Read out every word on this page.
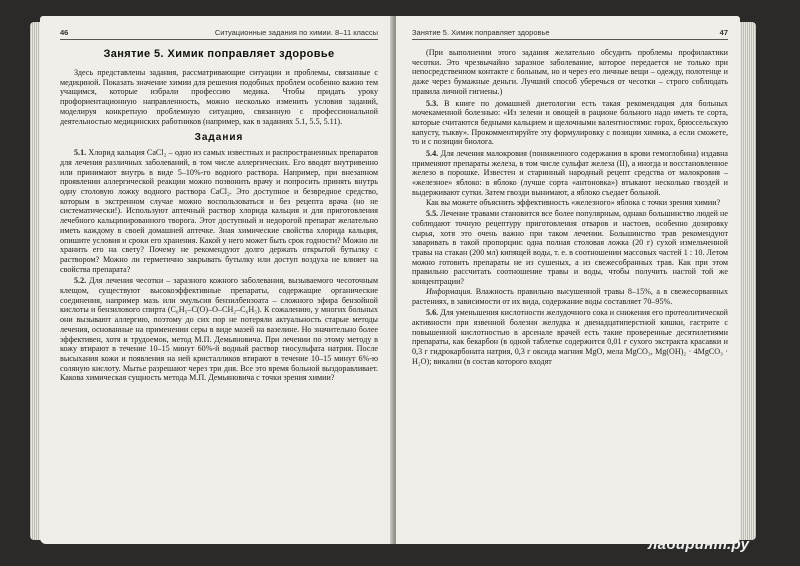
46	Ситуационные задания по химии. 8–11 классы
Занятие 5. Химик поправляет здоровье

Здесь представлены задания, рассматривающие ситуации и проблемы, связанные с медициной. Показать значение химии для решения подобных проблем особенно важно тем учащимся, которые избрали профессию медика. Чтобы придать уроку профориентационную направленность, можно несколько изменить условия заданий, моделируя конкретную проблемную ситуацию, связанную с профессиональной деятельностью медицинских работников (например, как в заданиях 5.1, 5.5, 5.11).

Задания

5.1. Хлорид кальция CaCl₂ – одно из самых известных и распространенных препаратов для лечения различных заболеваний, в том числе аллергических. Его вводят внутривенно или принимают внутрь в виде 5–10%-го водного раствора. Например, при внезапном проявлении аллергической реакции можно позвонить врачу и попросить принять внутрь одну столовую ложку водного раствора CaCl₂. Это доступное и безвредное средство, которым в экстренном случае можно воспользоваться и без рецепта врача (но не систематически!). Используют аптечный раствор хлорида кальция и для приготовления лечебного кальцинированного творога. Этот доступный и недорогой препарат желательно иметь каждому в своей домашней аптечке. Зная химические свойства хлорида кальция, опишите условия и сроки его хранения. Какой у него может быть срок годности? Можно ли хранить его на свету? Почему не рекомендуют долго держать открытой бутылку с раствором? Можно ли герметично закрывать бутылку или доступ воздуха не влияет на свойства препарата?

5.2. Для лечения чесотки – заразного кожного заболевания, вызываемого чесоточным клещом, существуют высокоэффективные препараты, содержащие органические соединения, например мазь или эмульсия бензилбензоата – сложного эфира бензойной кислоты и бензилового спирта (C₆H₅–C(O)–O–CH₂–C₆H₅). К сожалению, у многих больных они вызывают аллергию, поэтому до сих пор не потеряли актуальность старые методы лечения, основанные на применении серы в виде мазей на вазелине. Но значительно более эффективен, хотя и трудоемок, метод М.П. Демьяновича. При лечении по этому методу в кожу втирают в течение 10–15 минут 60%-й водный раствор тиосульфата натрия. После высыхания кожи и появления на ней кристалликов втирают в течение 10–15 минут 6%-ю соляную кислоту. Мытье разрешают через три дня. Все это время больной выздоравливает. Какова химическая сущность метода М.П. Демьяновича с точки зрения химии?

Занятие 5. Химик поправляет здоровье	47

(При выполнении этого задания желательно обсудить проблемы профилактики чесотки. Это чрезвычайно заразное заболевание, которое передается не только при непосредственном контакте с больным, но и через его личные вещи – одежду, полотенце и даже через бумажные деньги. Лучший способ уберечься от чесотки – строго соблюдать правила личной гигиены.)

5.3. В книге по домашней диетологии есть такая рекомендация для больных мочекаменной болезнью: «Из зелени и овощей в рационе больного надо иметь те сорта, которые считаются бедными кальцием и щелочными валентностями: горох, брюссельскую капусту, тыкву». Прокомментируйте эту формулировку с позиции химика, а если сможете, то и с позиции биолога.

5.4. Для лечения малокровия (пониженного содержания в крови гемоглобина) издавна применяют препараты железа, в том числе сульфат железа (II), а иногда и восстановленное железо в порошке. Известен и старинный народный рецепт средства от малокровия – «железное» яблоко: в яблоко (лучше сорта «антоновка») втыкают несколько гвоздей и выдерживают сутки. Затем гвозди вынимают, а яблоко съедает больной.

Как вы можете объяснить эффективность «железного» яблока с точки зрения химии?

5.5. Лечение травами становится все более популярным, однако большинство людей не соблюдают точную рецептуру приготовления отваров и настоев, особенно дозировку сырья, хотя это очень важно при таком лечении. Большинство трав рекомендуют заваривать в такой пропорции: одна полная столовая ложка (20 г) сухой измельченной травы на стакан (200 мл) кипящей воды, т. е. в соотношении массовых частей 1 : 10. Летом можно готовить препараты не из сушеных, а из свежесобранных трав. Как при этом правильно рассчитать соотношение травы и воды, чтобы получить настой той же концентрации?

Информация. Влажность правильно высушенной травы 8–15%, а в свежесорванных растениях, в зависимости от их вида, содержание воды составляет 70–95%.

5.6. Для уменьшения кислотности желудочного сока и снижения его протеолитической активности при язвенной болезни желудка и двенадцатиперстной кишки, гастрите с повышенной кислотностью в арсенале врачей есть такие проверенные десятилетиями препараты, как бекарбон (в одной таблетке содержится 0,01 г сухого экстракта красавки и 0,3 г гидрокарбоната натрия, 0,3 г оксида магния MgO, мела MgCO₃, Mg(OH)₂ · 4MgCO₃ · H₂O); викалин (в состав которого входят

лабиринт.ру
